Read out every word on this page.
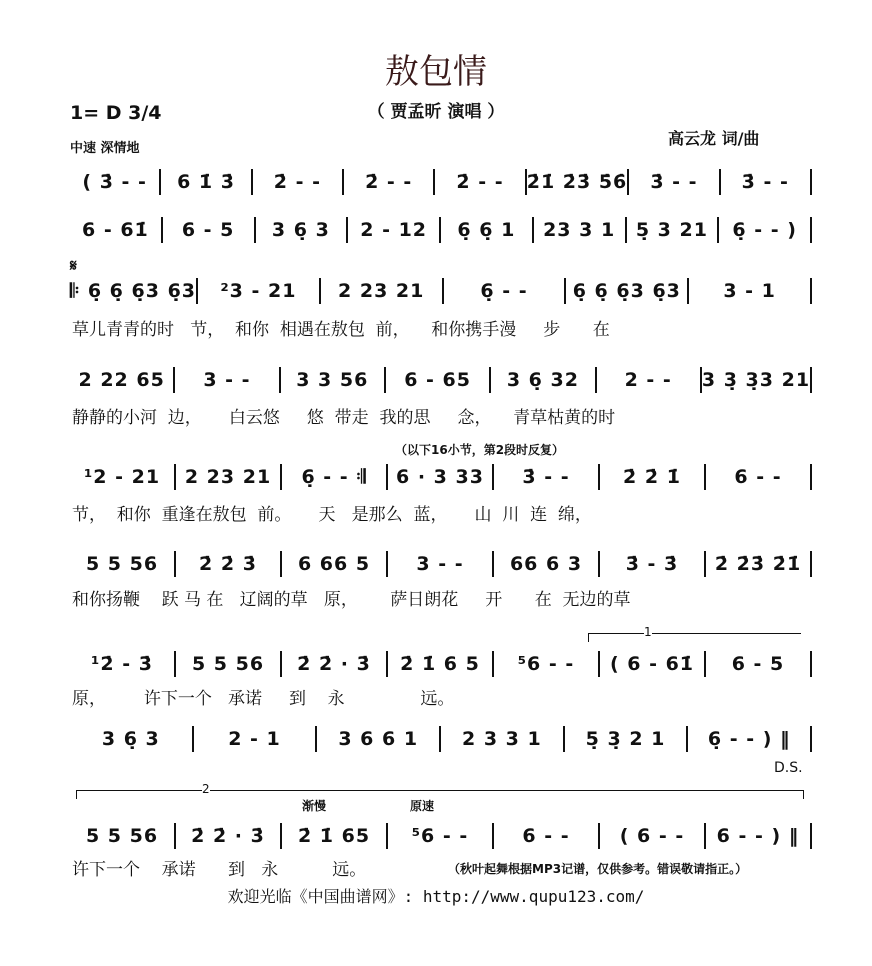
敖包情
（ 贾孟昕 演唱 ）
1= D 3/4
中速 深情地
高云龙 词/曲
𝄋
（以下16小节，第2段时反复）
1
D.S.
2
渐慢	原速
( 3̇ - -	6 1̇ 3̇	2̇ - -	2̇ - -	2̇ - -	2̇1̇ 2̇3̇ 5̇6̇	3̇ - -	3̇ - -
6 - 61̇	6 - 5	3 6̣ 3	2 - 12	6̣ 6̣ 1	23 3 1	5̣ 3 21	6̣ - - )
𝄆 6̣ 6̣ 6̣3 6̣3	²3 - 21	2 23 21	6̣ - -	6̣ 6̣ 6̣3 6̣3	3 - 1
草儿青青的时   节，  和你  相遇在敖包  前，    和你携手漫     步      在
2 22 65	3 - -	3 3 56	6 - 65	3 6̣ 32	2 - -	3 3̣ 3̣3 21
静静的小河  边，     白云悠     悠  带走  我的思     念，    青草枯黄的时
¹2 - 21	2 23 21	6̣ - - 𝄇	6 · 3 33	3̇ - -	2̇ 2̇ 1̇	6 - -
节，  和你  重逢在敖包  前。     天   是那么  蓝，     山  川  连  绵，
5 5 56	2̇ 2̇ 3̇	6 66 5	3 - -	66 6 3	3̇ - 3̇	2̇ 2̇3̇ 2̇1̇
和你扬鞭    跃 马 在   辽阔的草   原，      萨日朗花     开      在  无边的草
¹2̇ - 3̇	5 5 56	2̇ 2̇ · 3̇	2̇ 1̇ 6 5	⁵6 - -	( 6 - 61̇	6 - 5
原，       许下一个   承诺     到    永              远。
3 6̣ 3	2 - 1	3 6 6 1	2 3 3 1	5̣ 3̣ 2 1	6̣ - - ) ‖
5 5 56	2̇ 2̇ · 3̇	2̇ 1̇ 65	⁵6 - -	6 - -	( 6 - -	6 - - ) ‖
许下一个    承诺      到   永          远。	（秋叶起舞根据MP3记谱，仅供参考。错误敬请指正。）
欢迎光临《中国曲谱网》: http://www.qupu123.com/
